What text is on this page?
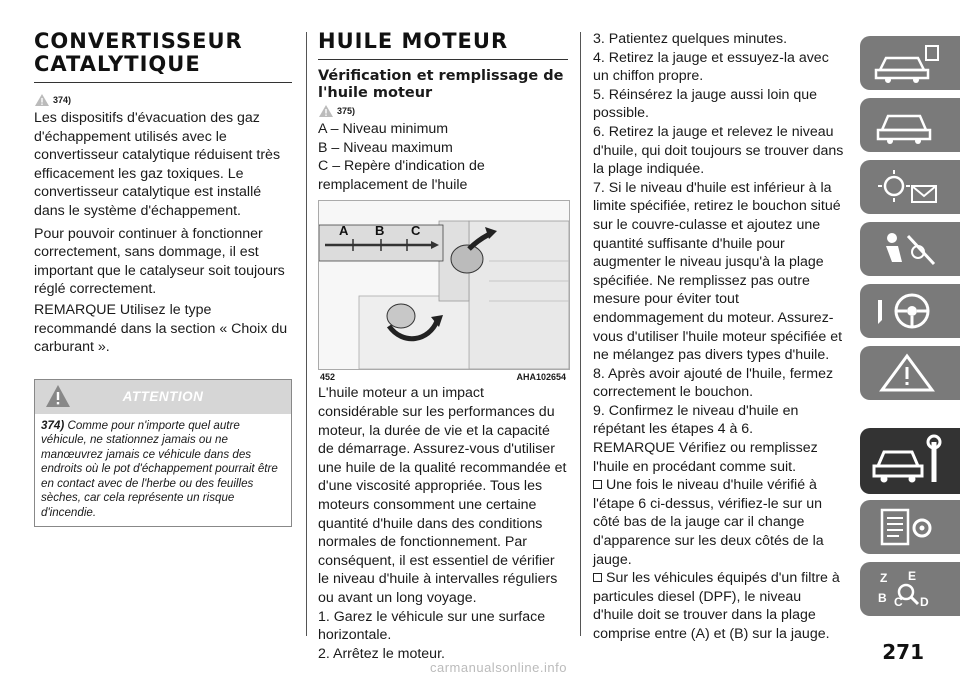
CONVERTISSEUR
CATALYTIQUE
374)

Les dispositifs d'évacuation des gaz d'échappement utilisés avec le convertisseur catalytique réduisent très efficacement les gaz toxiques. Le convertisseur catalytique est installé dans le système d'échappement.

Pour pouvoir continuer à fonctionner correctement, sans dommage, il est important que le catalyseur soit toujours réglé correctement.

REMARQUE Utilisez le type recommandé dans la section « Choix du carburant ».

ATTENTION
374) Comme pour n'importe quel autre véhicule, ne stationnez jamais ou ne manœuvrez jamais ce véhicule dans des endroits où le pot d'échappement pourrait être en contact avec de l'herbe ou des feuilles sèches, car cela représente un risque d'incendie.
HUILE MOTEUR
Vérification et remplissage de l'huile moteur
375)

A – Niveau minimum

B – Niveau maximum

C – Repère d'indication de remplacement de l'huile

A B C
452	AHA102654

L'huile moteur a un impact considérable sur les performances du moteur, la durée de vie et la capacité de démarrage. Assurez-vous d'utiliser une huile de la qualité recommandée et d'une viscosité appropriée. Tous les moteurs consomment une certaine quantité d'huile dans des conditions normales de fonctionnement. Par conséquent, il est essentiel de vérifier le niveau d'huile à intervalles réguliers ou avant un long voyage.

1. Garez le véhicule sur une surface horizontale.

2. Arrêtez le moteur.

3. Patientez quelques minutes.

4. Retirez la jauge et essuyez-la avec un chiffon propre.

5. Réinsérez la jauge aussi loin que possible.

6. Retirez la jauge et relevez le niveau d'huile, qui doit toujours se trouver dans la plage indiquée.

7. Si le niveau d'huile est inférieur à la limite spécifiée, retirez le bouchon situé sur le couvre-culasse et ajoutez une quantité suffisante d'huile pour augmenter le niveau jusqu'à la plage spécifiée. Ne remplissez pas outre mesure pour éviter tout endommagement du moteur. Assurez-vous d'utiliser l'huile moteur spécifiée et ne mélangez pas divers types d'huile.

8. Après avoir ajouté de l'huile, fermez correctement le bouchon.

9. Confirmez le niveau d'huile en répétant les étapes 4 à 6.

REMARQUE Vérifiez ou remplissez l'huile en procédant comme suit.

Une fois le niveau d'huile vérifié à l'étape 6 ci-dessus, vérifiez-le sur un côté bas de la jauge car il change d'apparence sur les deux côtés de la jauge.

Sur les véhicules équipés d'un filtre à particules diesel (DPF), le niveau d'huile doit se trouver dans la plage comprise entre (A) et (B) sur la jauge.

Z E
B C D
271
carmanualsonline.info
